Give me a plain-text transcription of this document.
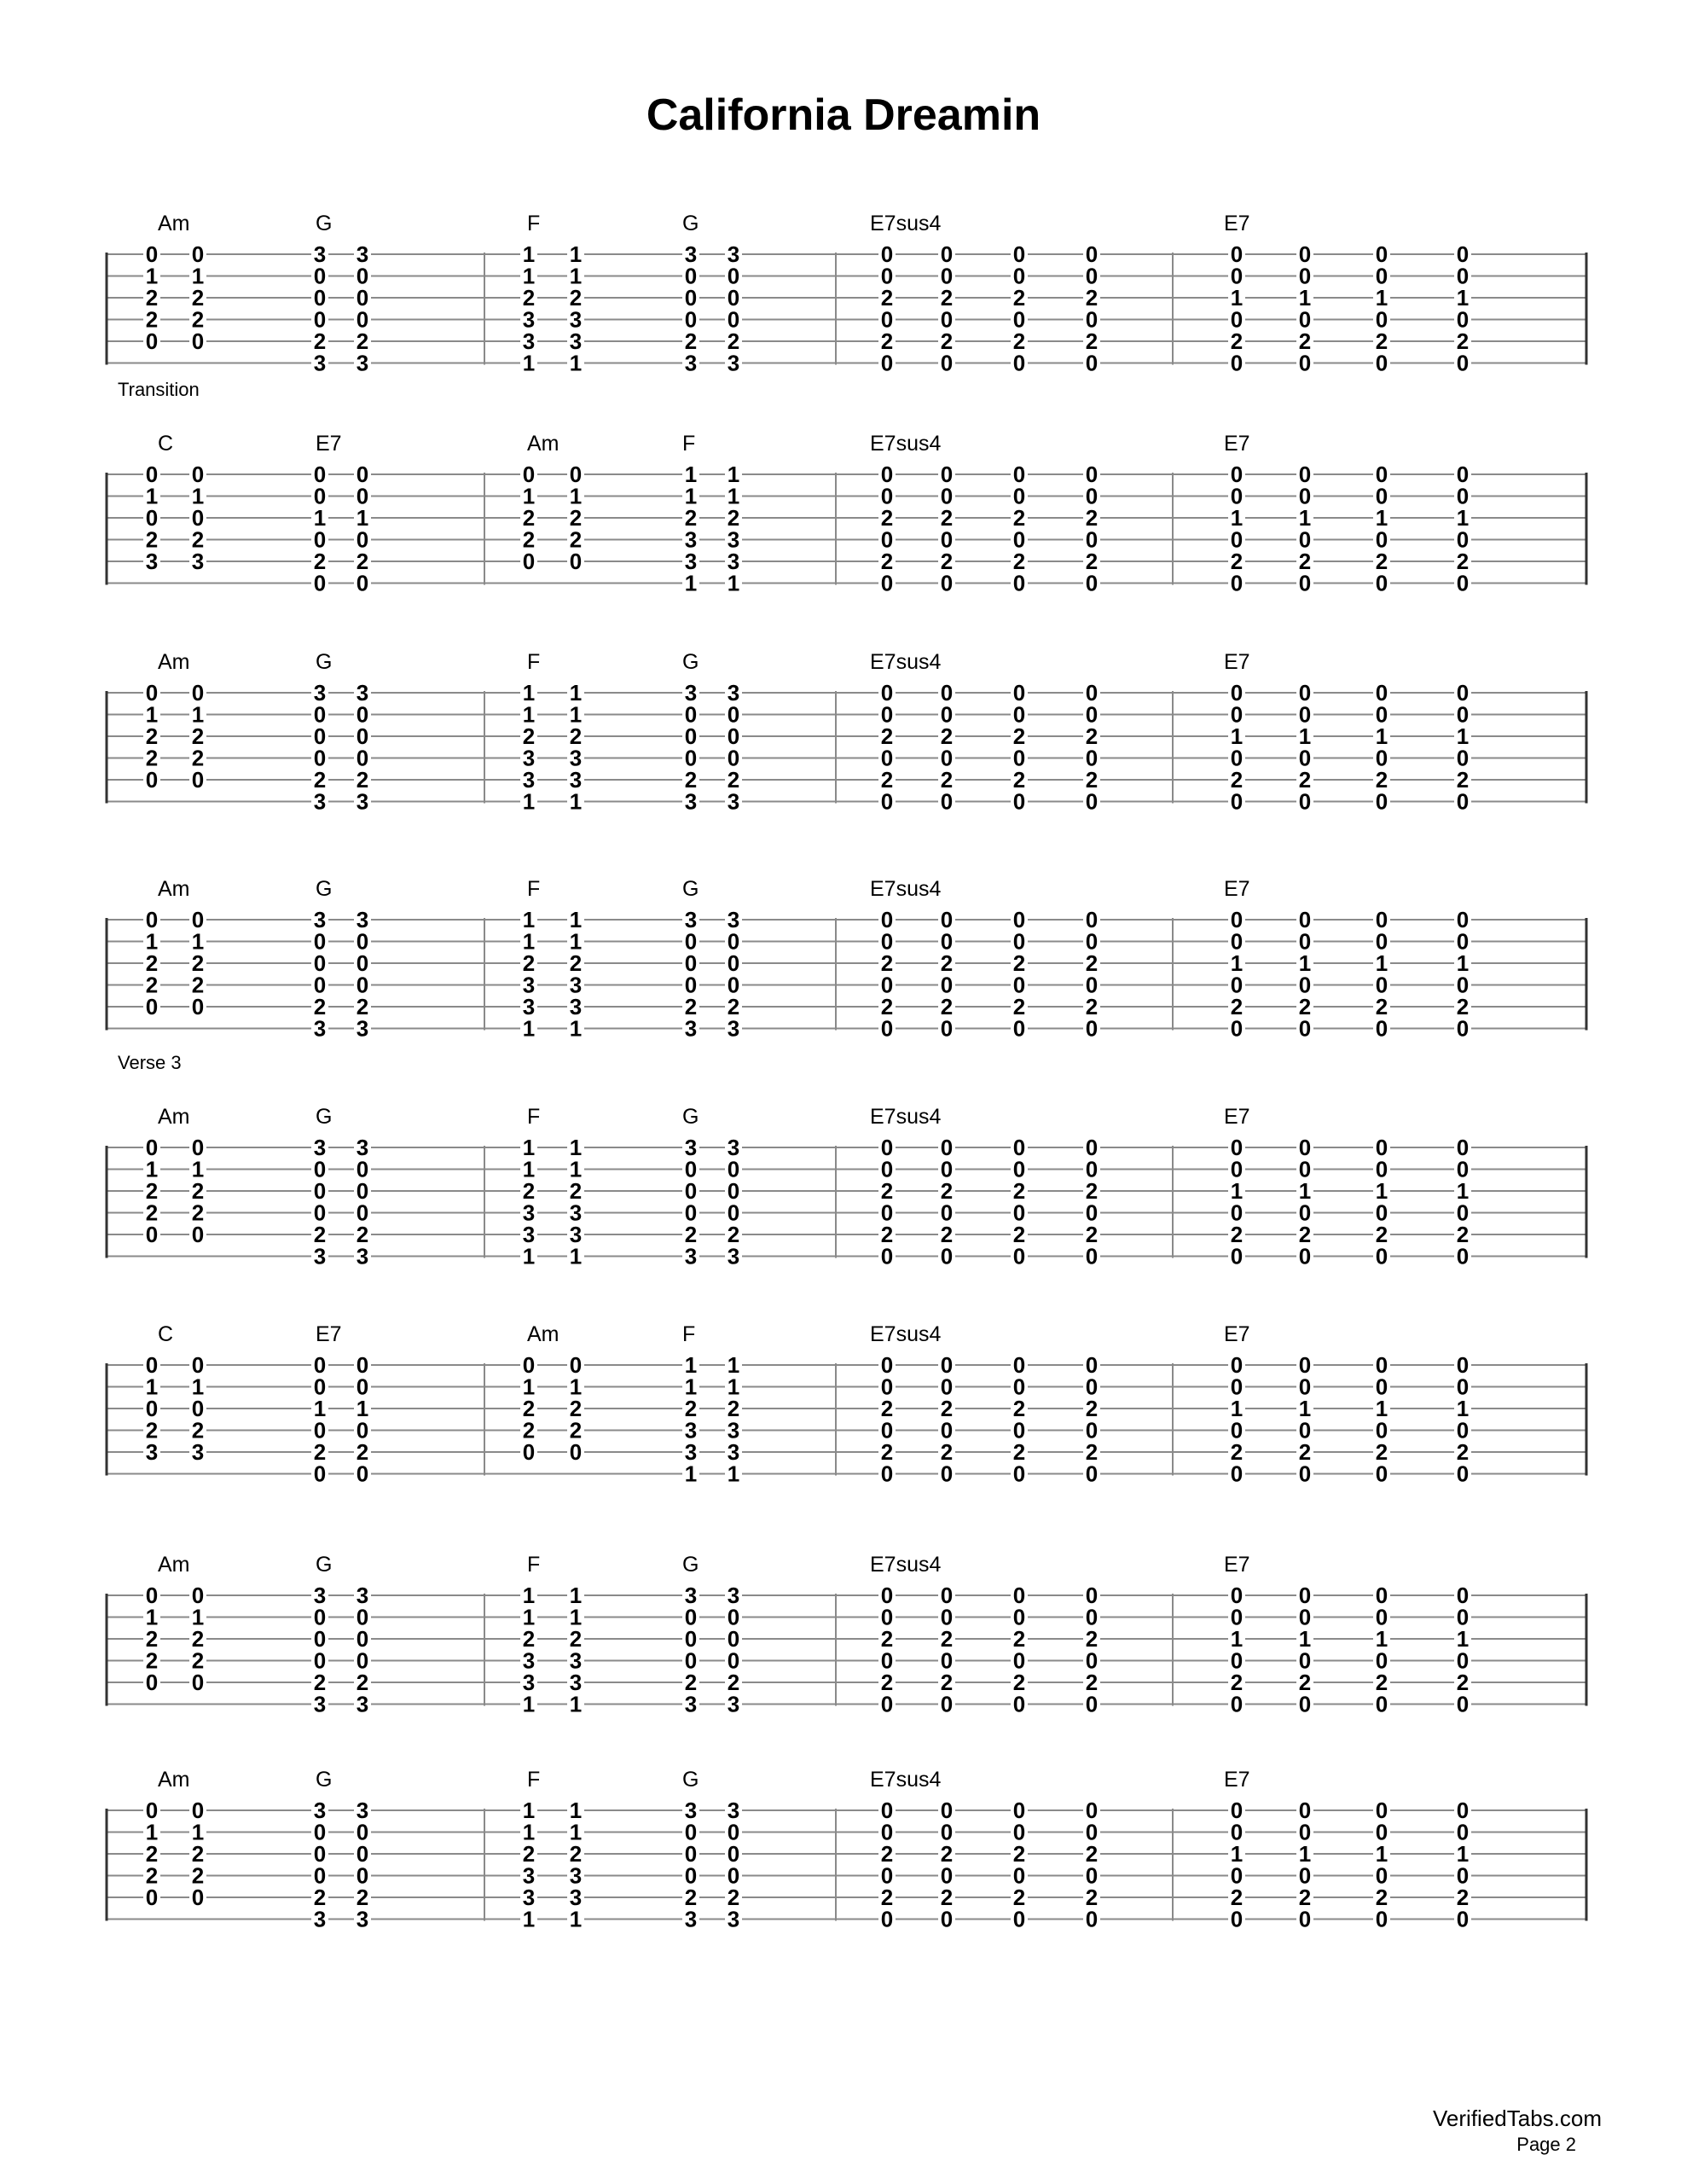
California Dreamin
Am
0
1
2
2
0
0
1
2
2
0
G
3
0
0
0
2
3
3
0
0
0
2
3
F
1
1
2
3
3
1
1
1
2
3
3
1
G
3
0
0
0
2
3
3
0
0
0
2
3
E7sus4
0
0
2
0
2
0
0
0
2
0
2
0
0
0
2
0
2
0
0
0
2
0
2
0
E7
0
0
1
0
2
0
0
0
1
0
2
0
0
0
1
0
2
0
0
0
1
0
2
0
Transition
C
0
1
0
2
3
0
1
0
2
3
E7
0
0
1
0
2
0
0
0
1
0
2
0
Am
0
1
2
2
0
0
1
2
2
0
F
1
1
2
3
3
1
1
1
2
3
3
1
E7sus4
0
0
2
0
2
0
0
0
2
0
2
0
0
0
2
0
2
0
0
0
2
0
2
0
E7
0
0
1
0
2
0
0
0
1
0
2
0
0
0
1
0
2
0
0
0
1
0
2
0
Am
0
1
2
2
0
0
1
2
2
0
G
3
0
0
0
2
3
3
0
0
0
2
3
F
1
1
2
3
3
1
1
1
2
3
3
1
G
3
0
0
0
2
3
3
0
0
0
2
3
E7sus4
0
0
2
0
2
0
0
0
2
0
2
0
0
0
2
0
2
0
0
0
2
0
2
0
E7
0
0
1
0
2
0
0
0
1
0
2
0
0
0
1
0
2
0
0
0
1
0
2
0
Am
0
1
2
2
0
0
1
2
2
0
G
3
0
0
0
2
3
3
0
0
0
2
3
F
1
1
2
3
3
1
1
1
2
3
3
1
G
3
0
0
0
2
3
3
0
0
0
2
3
E7sus4
0
0
2
0
2
0
0
0
2
0
2
0
0
0
2
0
2
0
0
0
2
0
2
0
E7
0
0
1
0
2
0
0
0
1
0
2
0
0
0
1
0
2
0
0
0
1
0
2
0
Verse 3
Am
0
1
2
2
0
0
1
2
2
0
G
3
0
0
0
2
3
3
0
0
0
2
3
F
1
1
2
3
3
1
1
1
2
3
3
1
G
3
0
0
0
2
3
3
0
0
0
2
3
E7sus4
0
0
2
0
2
0
0
0
2
0
2
0
0
0
2
0
2
0
0
0
2
0
2
0
E7
0
0
1
0
2
0
0
0
1
0
2
0
0
0
1
0
2
0
0
0
1
0
2
0
C
0
1
0
2
3
0
1
0
2
3
E7
0
0
1
0
2
0
0
0
1
0
2
0
Am
0
1
2
2
0
0
1
2
2
0
F
1
1
2
3
3
1
1
1
2
3
3
1
E7sus4
0
0
2
0
2
0
0
0
2
0
2
0
0
0
2
0
2
0
0
0
2
0
2
0
E7
0
0
1
0
2
0
0
0
1
0
2
0
0
0
1
0
2
0
0
0
1
0
2
0
Am
0
1
2
2
0
0
1
2
2
0
G
3
0
0
0
2
3
3
0
0
0
2
3
F
1
1
2
3
3
1
1
1
2
3
3
1
G
3
0
0
0
2
3
3
0
0
0
2
3
E7sus4
0
0
2
0
2
0
0
0
2
0
2
0
0
0
2
0
2
0
0
0
2
0
2
0
E7
0
0
1
0
2
0
0
0
1
0
2
0
0
0
1
0
2
0
0
0
1
0
2
0
Am
0
1
2
2
0
0
1
2
2
0
G
3
0
0
0
2
3
3
0
0
0
2
3
F
1
1
2
3
3
1
1
1
2
3
3
1
G
3
0
0
0
2
3
3
0
0
0
2
3
E7sus4
0
0
2
0
2
0
0
0
2
0
2
0
0
0
2
0
2
0
0
0
2
0
2
0
E7
0
0
1
0
2
0
0
0
1
0
2
0
0
0
1
0
2
0
0
0
1
0
2
0
VerifiedTabs.com
Page 2
